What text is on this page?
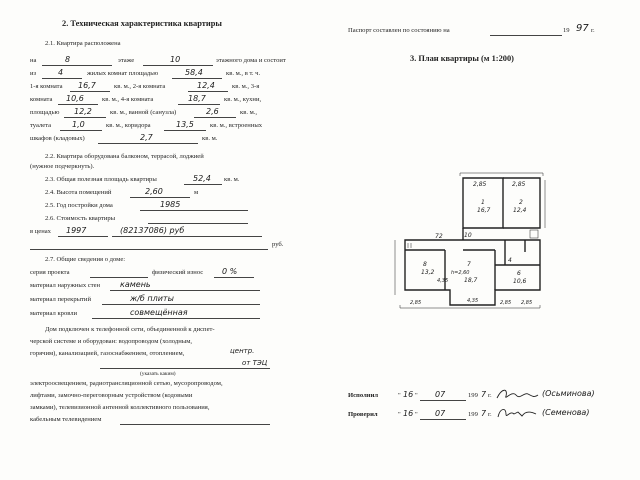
2. Техническая характеристика квартиры
2.1. Квартира расположена
на	8	этаже	10	этажного дома и состоит
из	4	жилых комнат площадью	58,4	кв. м., в т. ч.
1-я комната 16,7	кв. м., 2-я комната	12,4	кв. м., 3-я
комната 10,6	кв. м., 4-я комната	18,7	кв. м., кухни,
площадью 12,2	кв. м., ванной (санузла)	2,6	кв. м.,
туалета	1,0	кв. м., коридора	13,5 кв. м., встроенных
шкафов (кладовых)	2,7	кв. м.
2.2. Квартира оборудована балконом, террасой, лоджией
(нужное подчеркнуть).
2.3. Общая полезная площадь квартиры	52,4 кв. м.
2.4. Высота помещений	2,60	м
2.5. Год постройки дома	1985
2.6. Стоимость квартиры
в ценах 1997	(82137086) руб
руб.
2.7. Общие сведения о доме:
серия проекта	физический износ 0 %
материал наружных стен камень
материал перекрытий	ж/б плиты
материал кровли	совмещённая
Дом подключен к телефонной сети, объединенной к диспет-
черской системе и оборудован: водопроводом (холодным,
горячим), канализацией, газоснабжением, отоплением,	центр.
от ТЭЦ
(указать каким)
электроосвещением, радиотрансляционной сетью, мусоропроводом,
лифтами, замочно-переговорным устройством (кодовыми
замками), телевизионной антенной коллективного пользования,
кабельным телевидением
Паспорт составлен по состоянию на	19 97 г.
3. План квартиры (м 1:200)
2,85	2,85
1
16,7
2
12,4
72	10
8
13,2
4,35
7
h=2,60
18,7
6
10,6
4,35
2,85	2,85 2,85
4
Исполнил	" 16 " 07	199 7 г.	(Осьминова)
Проверил	" 16 " 07	199 7 г.	(Семенова)
